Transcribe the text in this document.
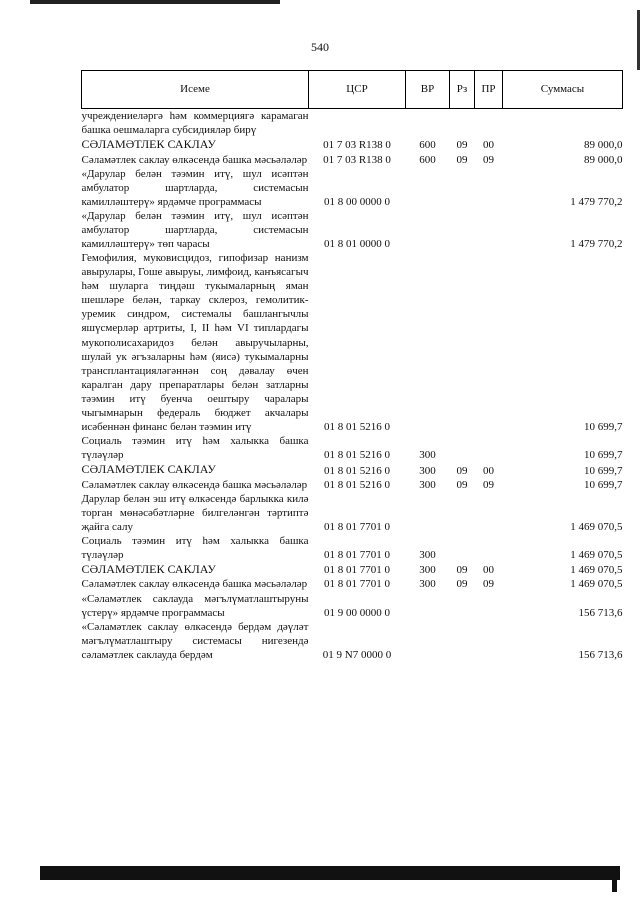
540
Исеме	ЦСР	ВР	Рз	ПР	Суммасы
учреждениеләргә һәм коммерциягә карамаган башка оешмаларга субсидияләр бирү					
СӘЛАМӘТЛЕК САКЛАУ	01 7 03 R138 0	600	09	00	89 000,0
Сәламәтлек саклау өлкәсендә башка мәсьәләләр	01 7 03 R138 0	600	09	09	89 000,0
«Дарулар белән тәэмин итү, шул исәптән амбулатор шартларда, системасын камилләштерү» ярдәмче программасы	01 8 00 0000 0				1 479 770,2
«Дарулар белән тәэмин итү, шул исәптән амбулатор шартларда, системасын камилләштерү» төп чарасы	01 8 01 0000 0				1 479 770,2
Гемофилия, муковисцидоз, гипофизар нанизм авырулары, Гоше авыруы, лимфоид, канъясагыч һәм шуларга тиңдәш тукымаларның яман шешләре белән, таркау склероз, гемолитик-уремик синдром, системалы башлангычлы яшүсмерләр артриты, I, II һәм VI типлардагы мукополисахаридоз белән авыручыларны, шулай ук әгъзаларны һәм (яисә) тукымаларны трансплантацияләгәннән соң дәвалау өчен каралган дару препаратлары белән затларны тәэмин итү буенча оештыру чаралары чыгымнарын федераль бюджет акчалары исәбеннән финанс белән тәэмин итү	01 8 01 5216 0				10 699,7
Социаль тәэмин итү һәм халыкка башка түләүләр	01 8 01 5216 0	300			10 699,7
СӘЛАМӘТЛЕК САКЛАУ	01 8 01 5216 0	300	09	00	10 699,7
Сәламәтлек саклау өлкәсендә башка мәсьәләләр	01 8 01 5216 0	300	09	09	10 699,7
Дарулар белән эш итү өлкәсендә барлыкка килә торган мөнәсәбәтләрне билгеләнгән тәртиптә җайга салу	01 8 01 7701 0				1 469 070,5
Социаль тәэмин итү һәм халыкка башка түләүләр	01 8 01 7701 0	300			1 469 070,5
СӘЛАМӘТЛЕК САКЛАУ	01 8 01 7701 0	300	09	00	1 469 070,5
Сәламәтлек саклау өлкәсендә башка мәсьәләләр	01 8 01 7701 0	300	09	09	1 469 070,5
«Сәламәтлек саклауда мәгълүматлаштыруны үстерү» ярдәмче программасы	01 9 00 0000 0				156 713,6
«Сәламәтлек саклау өлкәсендә бердәм дәүләт мәгълүматлаштыру системасы нигезендә сәламәтлек саклауда бердәм	01 9 N7 0000 0				156 713,6
